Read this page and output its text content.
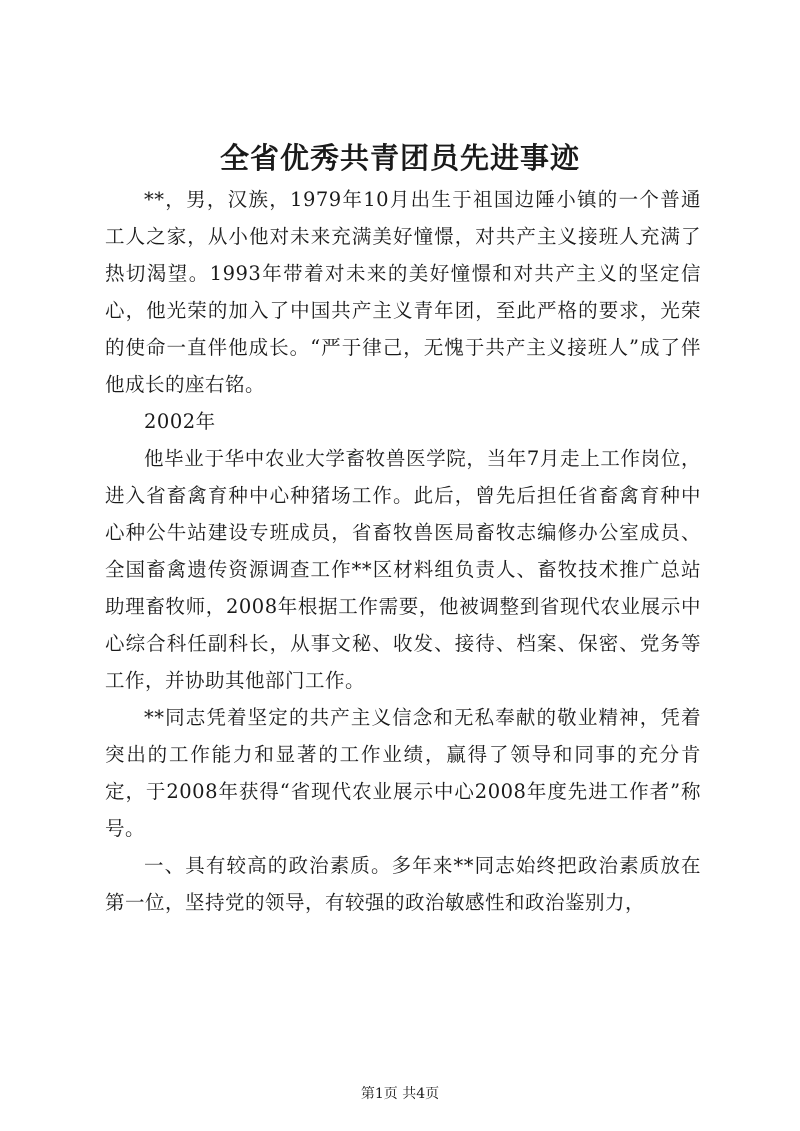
全省优秀共青团员先进事迹

**，男，汉族，1979年10月出生于祖国边陲小镇的一个普通工人之家，从小他对未来充满美好憧憬，对共产主义接班人充满了热切渴望。1993年带着对未来的美好憧憬和对共产主义的坚定信心，他光荣的加入了中国共产主义青年团，至此严格的要求，光荣的使命一直伴他成长。“严于律己，无愧于共产主义接班人”成了伴他成长的座右铭。

2002年

他毕业于华中农业大学畜牧兽医学院，当年7月走上工作岗位，进入省畜禽育种中心种猪场工作。此后，曾先后担任省畜禽育种中心种公牛站建设专班成员，省畜牧兽医局畜牧志编修办公室成员、全国畜禽遗传资源调查工作**区材料组负责人、畜牧技术推广总站助理畜牧师，2008年根据工作需要，他被调整到省现代农业展示中心综合科任副科长，从事文秘、收发、接待、档案、保密、党务等工作，并协助其他部门工作。

**同志凭着坚定的共产主义信念和无私奉献的敬业精神，凭着突出的工作能力和显著的工作业绩，赢得了领导和同事的充分肯定，于2008年获得“省现代农业展示中心2008年度先进工作者”称号。

一、具有较高的政治素质。多年来**同志始终把政治素质放在第一位，坚持党的领导，有较强的政治敏感性和政治鉴别力，

第1页 共4页
